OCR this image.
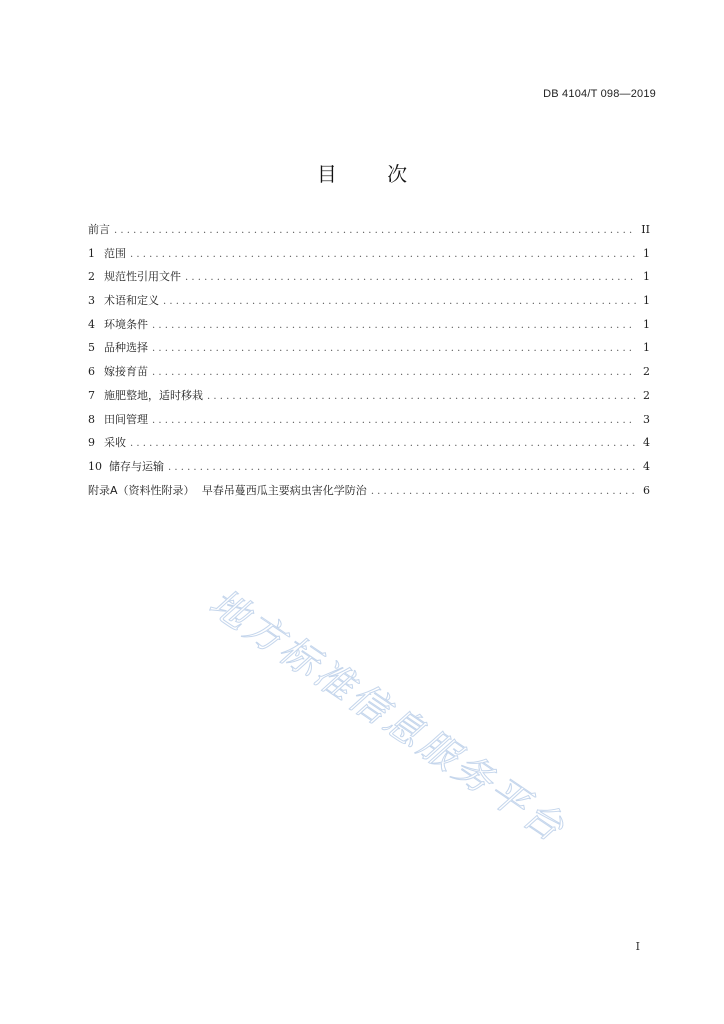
DB 4104/T 098—2019
目 次
前言 . . .	II
1 范围 . . .	1
2 规范性引用文件 . . .	1
3 术语和定义 . . .	1
4 环境条件 . . .	1
5 品种选择 . . .	1
6 嫁接育苗 . . .	2
7 施肥整地，适时移栽 . . .	2
8 田间管理 . . .	3
9 采收 . . .	4
10 储存与运输 . . .	4
附录A（资料性附录） 早春吊蔓西瓜主要病虫害化学防治 . . .	6
地方标准信息服务平台
I
